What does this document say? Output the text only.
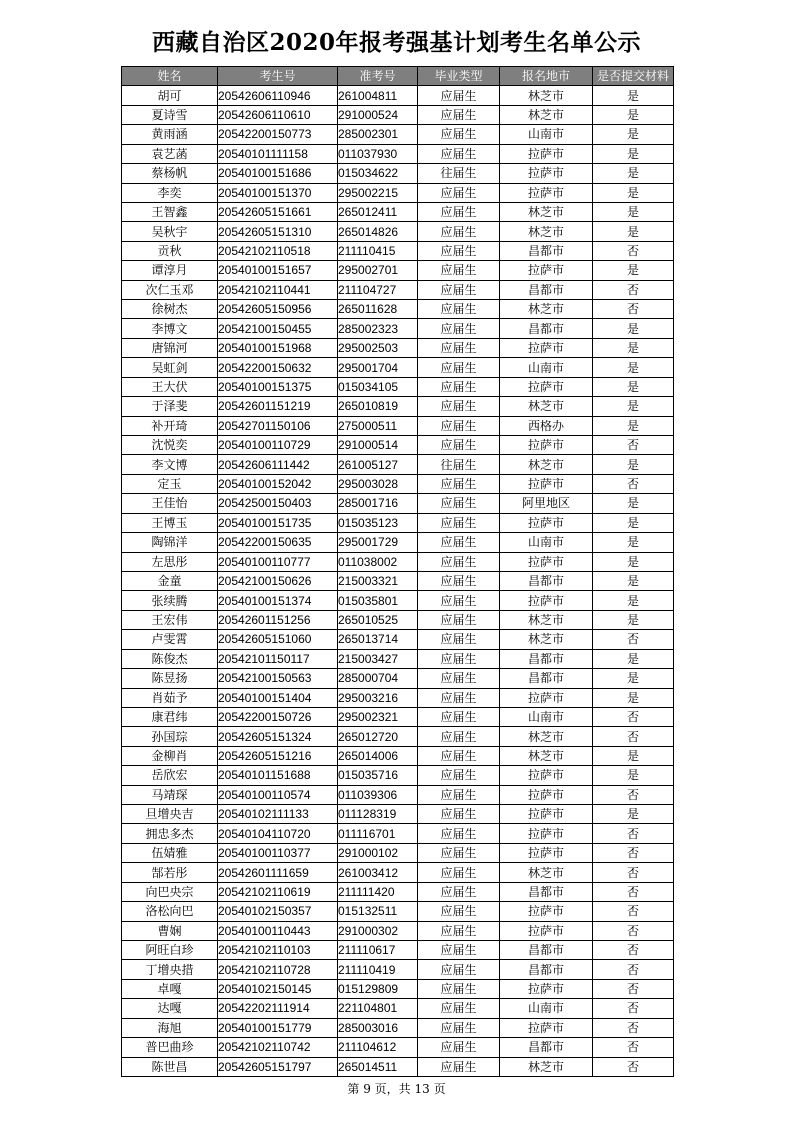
西藏自治区2020年报考强基计划考生名单公示
姓名	考生号	准考号	毕业类型	报名地市	是否提交材料
胡可	20542606110946	261004811	应届生	林芝市	是
夏诗雪	20542606110610	291000524	应届生	林芝市	是
黄雨涵	20542200150773	285002301	应届生	山南市	是
袁艺菡	20540101111158	011037930	应届生	拉萨市	是
蔡杨帆	20540100151686	015034622	往届生	拉萨市	是
李奕	20540100151370	295002215	应届生	拉萨市	是
王智鑫	20542605151661	265012411	应届生	林芝市	是
吴秋宇	20542605151310	265014826	应届生	林芝市	是
贡秋	20542102110518	211110415	应届生	昌都市	否
谭淳月	20540100151657	295002701	应届生	拉萨市	是
次仁玉邓	20542102110441	211104727	应届生	昌都市	否
徐树杰	20542605150956	265011628	应届生	林芝市	否
李博文	20542100150455	285002323	应届生	昌都市	是
唐锦河	20540100151968	295002503	应届生	拉萨市	是
吴虹剑	20542200150632	295001704	应届生	山南市	是
王大伏	20540100151375	015034105	应届生	拉萨市	是
于泽斐	20542601151219	265010819	应届生	林芝市	是
补开琦	20542701150106	275000511	应届生	西格办	是
沈悦奕	20540100110729	291000514	应届生	拉萨市	否
李文博	20542606111442	261005127	往届生	林芝市	是
定玉	20540100152042	295003028	应届生	拉萨市	否
王佳怡	20542500150403	285001716	应届生	阿里地区	是
王博玉	20540100151735	015035123	应届生	拉萨市	是
陶锦洋	20542200150635	295001729	应届生	山南市	是
左思彤	20540100110777	011038002	应届生	拉萨市	是
金童	20542100150626	215003321	应届生	昌都市	是
张续腾	20540100151374	015035801	应届生	拉萨市	是
王宏伟	20542601151256	265010525	应届生	林芝市	是
卢雯霄	20542605151060	265013714	应届生	林芝市	否
陈俊杰	20542101150117	215003427	应届生	昌都市	是
陈昱扬	20542100150563	285000704	应届生	昌都市	是
肖茹予	20540100151404	295003216	应届生	拉萨市	是
康君纬	20542200150726	295002321	应届生	山南市	否
孙国琮	20542605151324	265012720	应届生	林芝市	否
金柳肖	20542605151216	265014006	应届生	林芝市	是
岳欣宏	20540101151688	015035716	应届生	拉萨市	是
马靖琛	20540100110574	011039306	应届生	拉萨市	否
旦增央吉	20540102111133	011128319	应届生	拉萨市	是
拥忠多杰	20540104110720	011116701	应届生	拉萨市	否
伍婧雅	20540100110377	291000102	应届生	拉萨市	否
郜若彤	20542601111659	261003412	应届生	林芝市	否
向巴央宗	20542102110619	211111420	应届生	昌都市	否
洛松向巴	20540102150357	015132511	应届生	拉萨市	否
曹娴	20540100110443	291000302	应届生	拉萨市	否
阿旺白珍	20542102110103	211110617	应届生	昌都市	否
丁增央措	20542102110728	211110419	应届生	昌都市	否
卓嘎	20540102150145	015129809	应届生	拉萨市	否
达嘎	20542202111914	221104801	应届生	山南市	否
海旭	20540100151779	285003016	应届生	拉萨市	否
普巴曲珍	20542102110742	211104612	应届生	昌都市	否
陈世昌	20542605151797	265014511	应届生	林芝市	否
第 9 页，共 13 页
